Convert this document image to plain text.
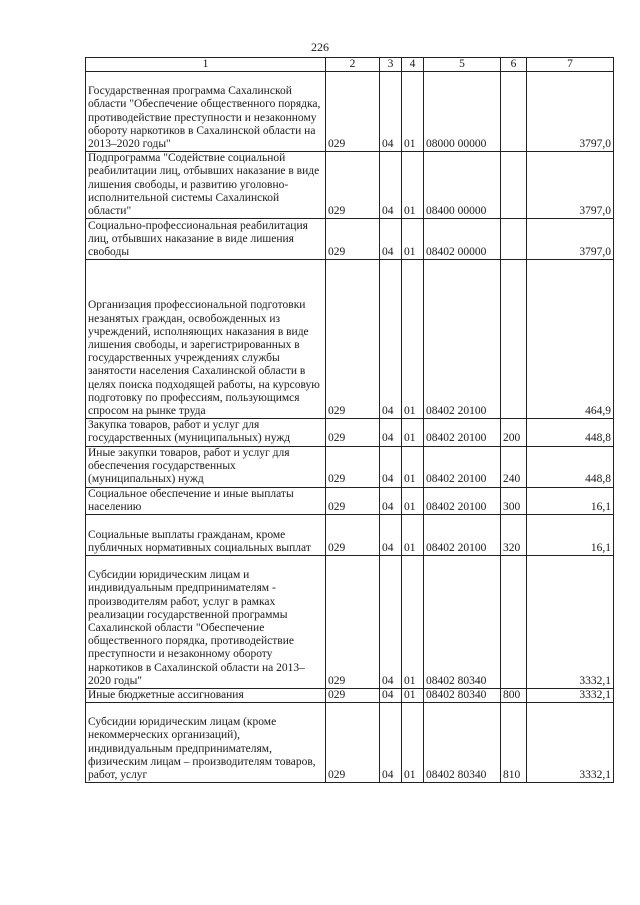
226
1	2	3	4	5	6	7
Государственная программа Сахалинской области "Обеспечение общественного порядка, противодействие преступности и незаконному обороту наркотиков в Сахалинской области на 2013–2020 годы"	029	04	01	08000 00000		3797,0
Подпрограмма "Содействие социальной реабилитации лиц, отбывших наказание в виде лишения свободы, и развитию уголовно-исполнительной системы Сахалинской области"	029	04	01	08400 00000		3797,0
Социально-профессиональная реабилитация лиц, отбывших наказание в виде лишения свободы	029	04	01	08402 00000		3797,0
Организация профессиональной подготовки незанятых граждан, освобожденных из учреждений, исполняющих наказания в виде лишения свободы, и зарегистрированных в государственных учреждениях службы занятости населения Сахалинской области в целях поиска подходящей работы, на курсовую подготовку по профессиям, пользующимся спросом на рынке труда	029	04	01	08402 20100		464,9
Закупка товаров, работ и услуг для государственных (муниципальных) нужд	029	04	01	08402 20100	200	448,8
Иные закупки товаров, работ и услуг для обеспечения государственных (муниципальных) нужд	029	04	01	08402 20100	240	448,8
Социальное обеспечение и иные выплаты населению	029	04	01	08402 20100	300	16,1
Социальные выплаты гражданам, кроме публичных нормативных социальных выплат	029	04	01	08402 20100	320	16,1
Субсидии юридическим лицам и индивидуальным предпринимателям - производителям работ, услуг в рамках реализации государственной программы Сахалинской области "Обеспечение общественного порядка, противодействие преступности и незаконному обороту наркотиков в Сахалинской области на 2013–2020 годы"	029	04	01	08402 80340		3332,1
Иные бюджетные ассигнования	029	04	01	08402 80340	800	3332,1
Субсидии юридическим лицам (кроме некоммерческих организаций), индивидуальным предпринимателям, физическим лицам – производителям товаров, работ, услуг	029	04	01	08402 80340	810	3332,1
